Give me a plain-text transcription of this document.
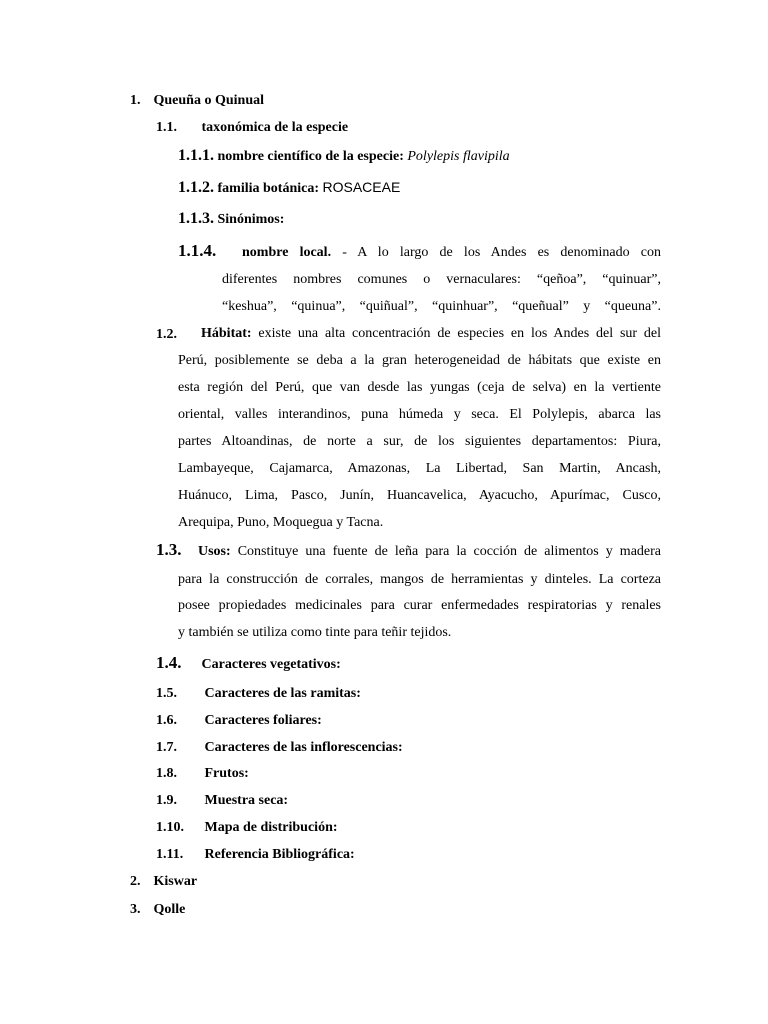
1. Queuña o Quinual
1.1. taxonómica de la especie
1.1.1. nombre científico de la especie: Polylepis flavipila
1.1.2. familia botánica: ROSACEAE
1.1.3. Sinónimos:
1.1.4. nombre local. - A lo largo de los Andes es denominado con
diferentes nombres comunes o vernaculares: “qeñoa”, “quinuar”,
“keshua”, “quinua”, “quiñual”, “quinhuar”, “queñual” y “queuna”.
1.2. Hábitat: existe una alta concentración de especies en los Andes del sur del
Perú, posiblemente se deba a la gran heterogeneidad de hábitats que existe en
esta región del Perú, que van desde las yungas (ceja de selva) en la vertiente
oriental, valles interandinos, puna húmeda y seca. El Polylepis, abarca las
partes Altoandinas, de norte a sur, de los siguientes departamentos: Piura,
Lambayeque, Cajamarca, Amazonas, La Libertad, San Martin, Ancash,
Huánuco, Lima, Pasco, Junín, Huancavelica, Ayacucho, Apurímac, Cusco,
Arequipa, Puno, Moquegua y Tacna.
1.3. Usos: Constituye una fuente de leña para la cocción de alimentos y madera
para la construcción de corrales, mangos de herramientas y dinteles. La corteza
posee propiedades medicinales para curar enfermedades respiratorias y renales
y también se utiliza como tinte para teñir tejidos.
1.4. Caracteres vegetativos:
1.5. Caracteres de las ramitas:
1.6. Caracteres foliares:
1.7. Caracteres de las inflorescencias:
1.8. Frutos:
1.9. Muestra seca:
1.10. Mapa de distribución:
1.11. Referencia Bibliográfica:
2. Kiswar
3. Qolle
